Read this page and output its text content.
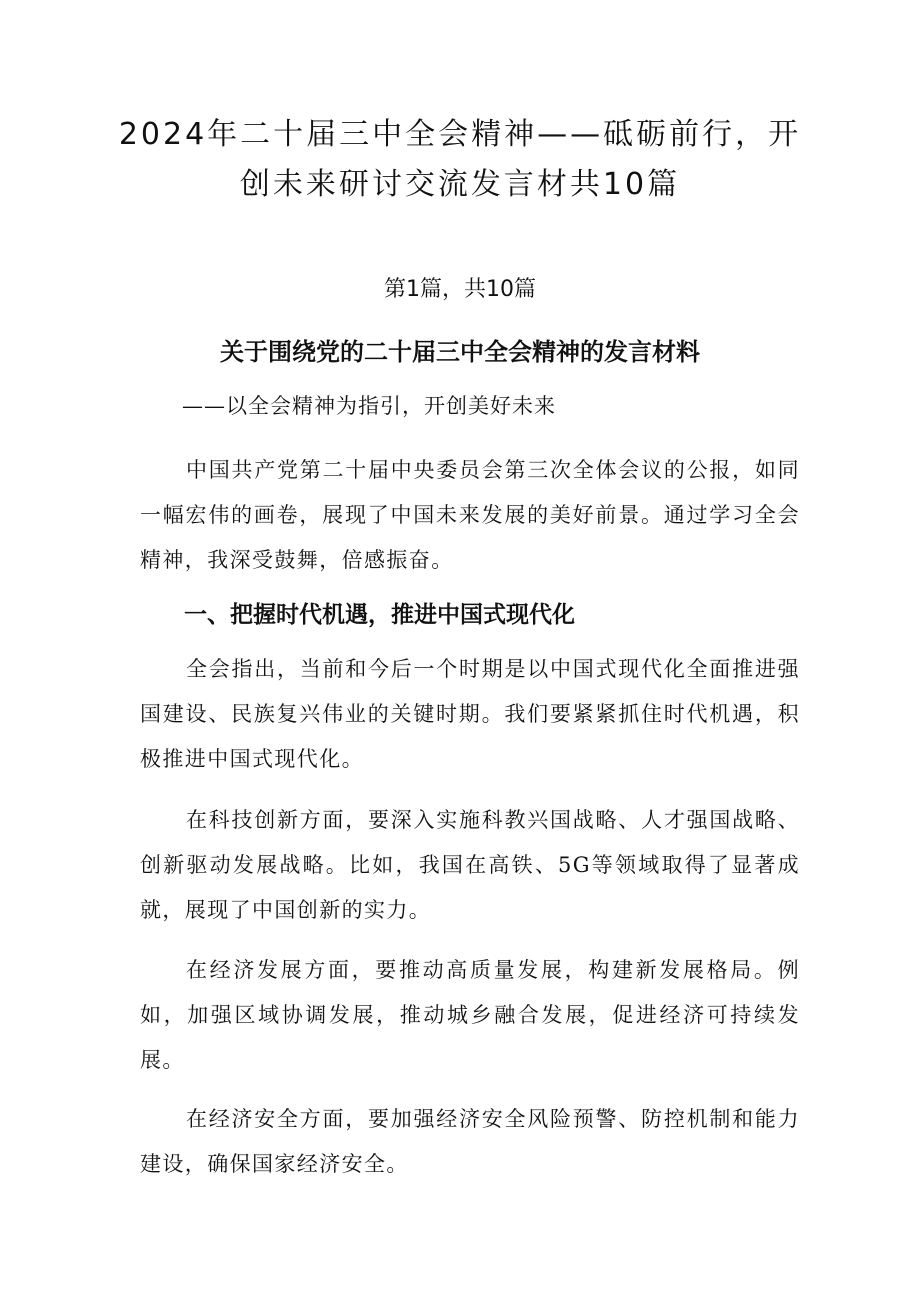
2024年二十届三中全会精神——砥砺前行，开创未来研讨交流发言材共10篇

第1篇，共10篇

关于围绕党的二十届三中全会精神的发言材料

——以全会精神为指引，开创美好未来

中国共产党第二十届中央委员会第三次全体会议的公报，如同一幅宏伟的画卷，展现了中国未来发展的美好前景。通过学习全会精神，我深受鼓舞，倍感振奋。

一、把握时代机遇，推进中国式现代化

全会指出，当前和今后一个时期是以中国式现代化全面推进强国建设、民族复兴伟业的关键时期。我们要紧紧抓住时代机遇，积极推进中国式现代化。

在科技创新方面，要深入实施科教兴国战略、人才强国战略、创新驱动发展战略。比如，我国在高铁、5G等领域取得了显著成就，展现了中国创新的实力。

在经济发展方面，要推动高质量发展，构建新发展格局。例如，加强区域协调发展，推动城乡融合发展，促进经济可持续发展。

在经济安全方面，要加强经济安全风险预警、防控机制和能力建设，确保国家经济安全。
